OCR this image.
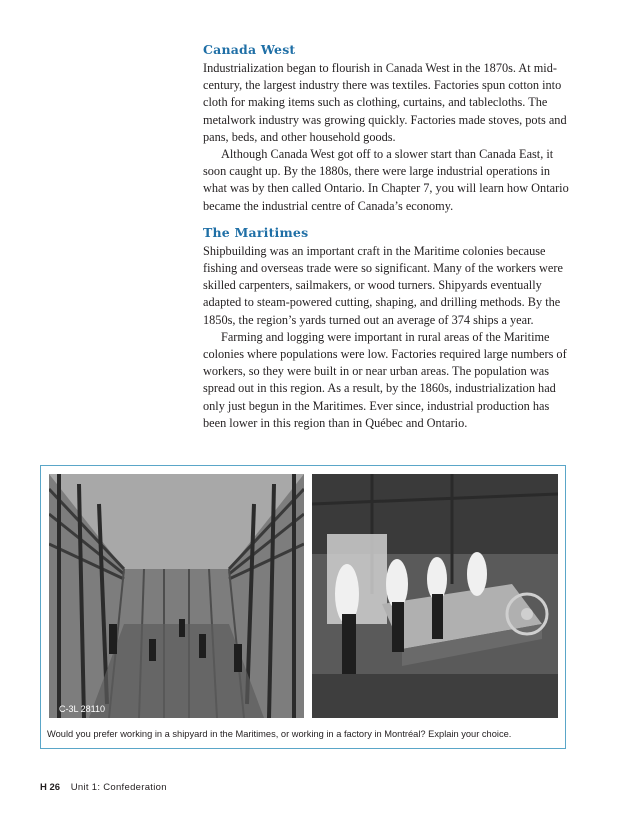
Canada West

Industrialization began to flourish in Canada West in the 1870s. At mid-century, the largest industry there was textiles. Factories spun cotton into cloth for making items such as clothing, curtains, and tablecloths. The metalwork industry was growing quickly. Factories made stoves, pots and pans, beds, and other household goods.

Although Canada West got off to a slower start than Canada East, it soon caught up. By the 1880s, there were large industrial operations in what was by then called Ontario. In Chapter 7, you will learn how Ontario became the industrial centre of Canada’s economy.

The Maritimes

Shipbuilding was an important craft in the Maritime colonies because fishing and overseas trade were so significant. Many of the workers were skilled carpenters, sailmakers, or wood turners. Shipyards eventually adapted to steam-powered cutting, shaping, and drilling methods. By the 1850s, the region’s yards turned out an average of 374 ships a year.

Farming and logging were important in rural areas of the Maritime colonies where populations were low. Factories required large numbers of workers, so they were built in or near urban areas. The population was spread out in this region. As a result, by the 1860s, industrialization had only just begun in the Maritimes. Ever since, industrial production has been lower in this region than in Québec and Ontario.

C-3L 28110

Would you prefer working in a shipyard in the Maritimes, or working in a factory in Montréal? Explain your choice.

H 26 Unit 1: Confederation
